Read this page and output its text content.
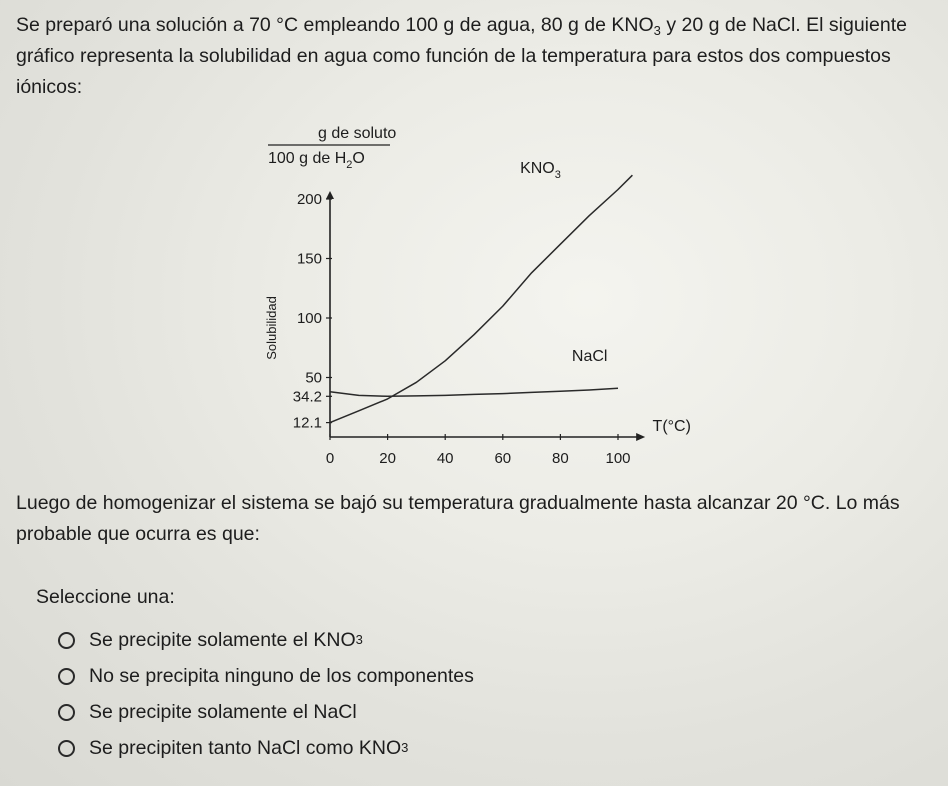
Se preparó una solución a 70 °C empleando 100 g de agua, 80 g de $KNO_3$ y 20 g de NaCl. El siguiente gráfico representa la solubilidad en agua como función de la temperatura para estos dos compuestos iónicos:
0	20	40	60	80 100
12.1
34.2
50
100
150
200
$KNO_3$
NaCl
g de soluto
100 g de $H_2O$
Solubilidad
T(°C)
Luego de homogenizar el sistema se bajó su temperatura gradualmente hasta alcanzar 20 °C. Lo más probable que ocurra es que:
Seleccione una:
Se precipite solamente el KNO 3
No se precipita ninguno de los componentes
Se precipite solamente el NaCl
Se precipiten tanto NaCl como KNO 3
